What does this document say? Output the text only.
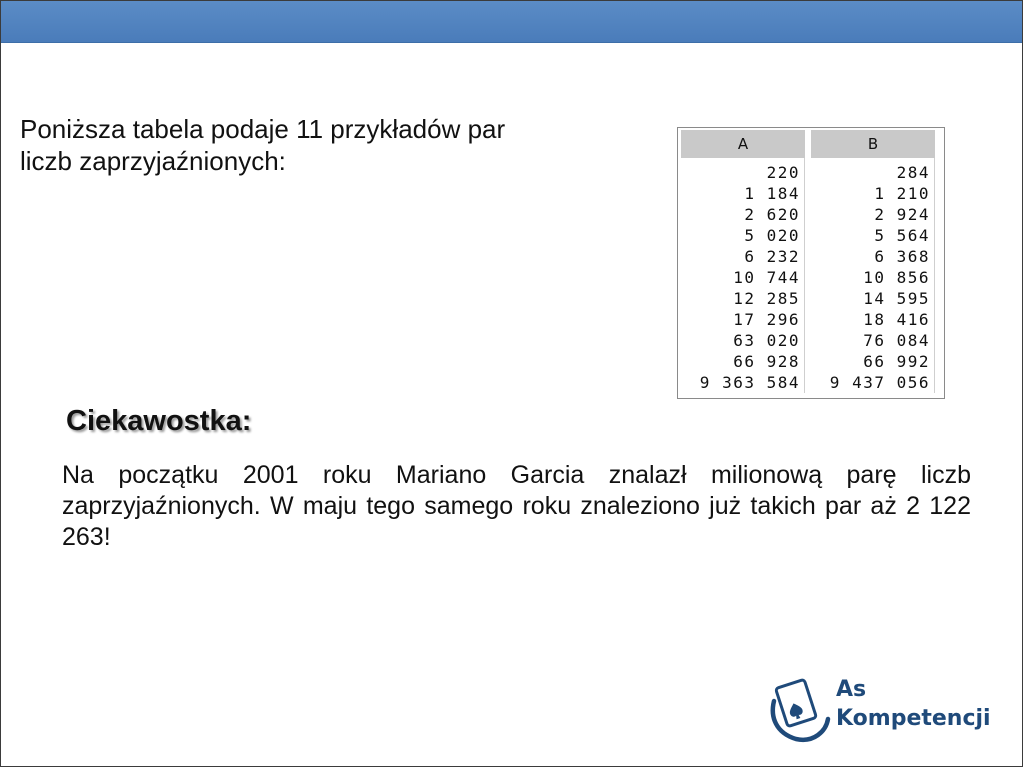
Poniższa tabela podaje 11 przykładów par
liczb zaprzyjaźnionych:

A		B
220		284
1 184		1 210
2 620		2 924
5 020		5 564
6 232		6 368
10 744		10 856
12 285		14 595
17 296		18 416
63 020		76 084
66 928		66 992
9 363 584		9 437 056
Ciekawostka:

Na początku 2001 roku Mariano Garcia znalazł milionową parę liczb zaprzyjaźnionych. W maju tego samego roku znaleziono już takich par aż 2 122 263!

As
Kompetencji
